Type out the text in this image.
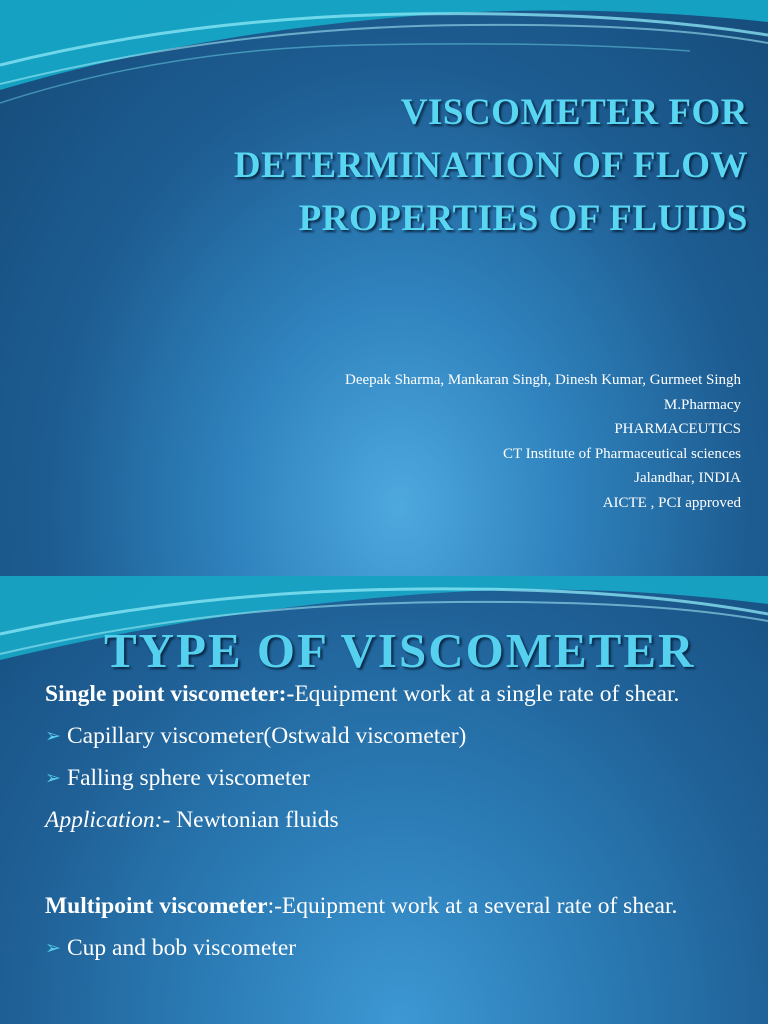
VISCOMETER FOR
DETERMINATION OF FLOW
PROPERTIES OF FLUIDS
Deepak Sharma, Mankaran Singh, Dinesh Kumar, Gurmeet Singh
M.Pharmacy
PHARMACEUTICS
CT Institute of Pharmaceutical sciences
Jalandhar, INDIA
AICTE , PCI approved
TYPE OF VISCOMETER

Single point viscometer:-Equipment work at a single rate of shear.

➢ Capillary viscometer(Ostwald viscometer)

➢ Falling sphere viscometer

Application:- Newtonian fluids

Multipoint viscometer:-Equipment work at a several rate of shear.

➢ Cup and bob viscometer
